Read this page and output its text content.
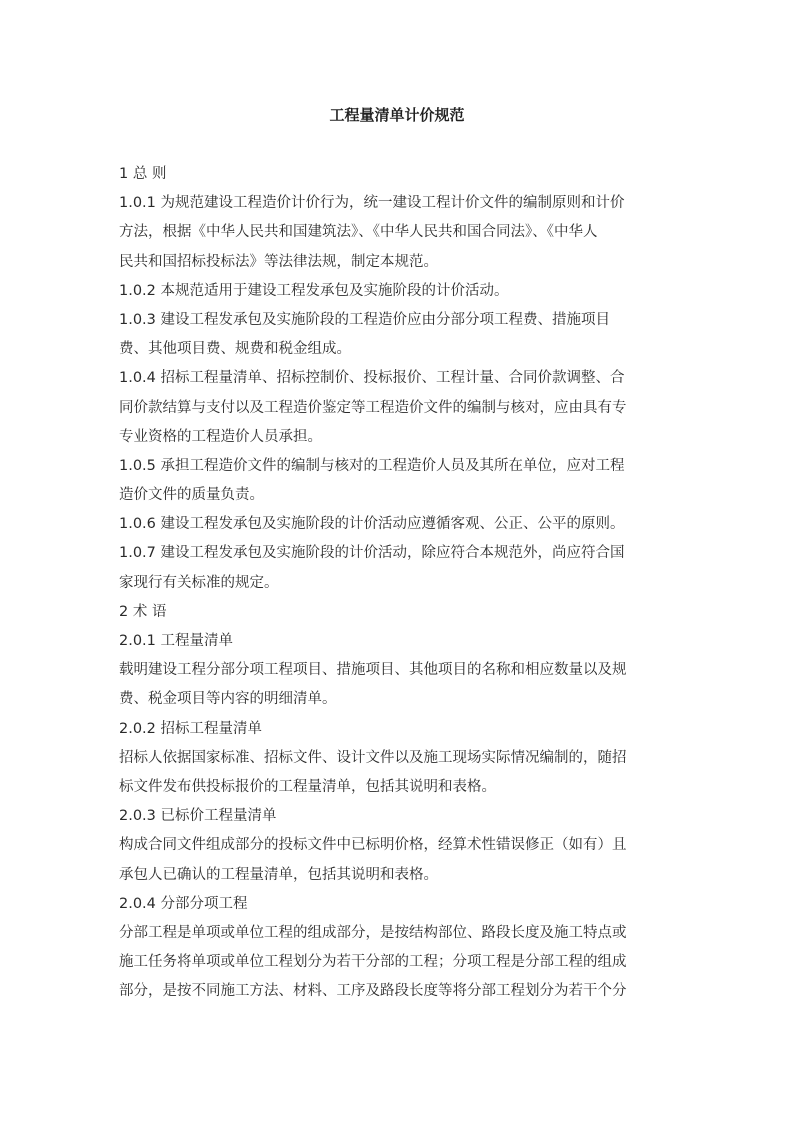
工程量清单计价规范
1 总 则
1.0.1 为规范建设工程造价计价行为，统一建设工程计价文件的编制原则和计价
方法，根据《中华人民共和国建筑法》、《中华人民共和国合同法》、《中华人
民共和国招标投标法》等法律法规，制定本规范。
1.0.2 本规范适用于建设工程发承包及实施阶段的计价活动。
1.0.3 建设工程发承包及实施阶段的工程造价应由分部分项工程费、措施项目
费、其他项目费、规费和税金组成。
1.0.4 招标工程量清单、招标控制价、投标报价、工程计量、合同价款调整、合
同价款结算与支付以及工程造价鉴定等工程造价文件的编制与核对，应由具有专
专业资格的工程造价人员承担。
1.0.5 承担工程造价文件的编制与核对的工程造价人员及其所在单位，应对工程
造价文件的质量负责。
1.0.6 建设工程发承包及实施阶段的计价活动应遵循客观、公正、公平的原则。
1.0.7 建设工程发承包及实施阶段的计价活动，除应符合本规范外，尚应符合国
家现行有关标准的规定。
2 术 语
2.0.1 工程量清单
载明建设工程分部分项工程项目、措施项目、其他项目的名称和相应数量以及规
费、税金项目等内容的明细清单。
2.0.2 招标工程量清单
招标人依据国家标准、招标文件、设计文件以及施工现场实际情况编制的，随招
标文件发布供投标报价的工程量清单，包括其说明和表格。
2.0.3 已标价工程量清单
构成合同文件组成部分的投标文件中已标明价格，经算术性错误修正（如有）且
承包人已确认的工程量清单，包括其说明和表格。
2.0.4 分部分项工程
分部工程是单项或单位工程的组成部分，是按结构部位、路段长度及施工特点或
施工任务将单项或单位工程划分为若干分部的工程；分项工程是分部工程的组成
部分，是按不同施工方法、材料、工序及路段长度等将分部工程划分为若干个分
